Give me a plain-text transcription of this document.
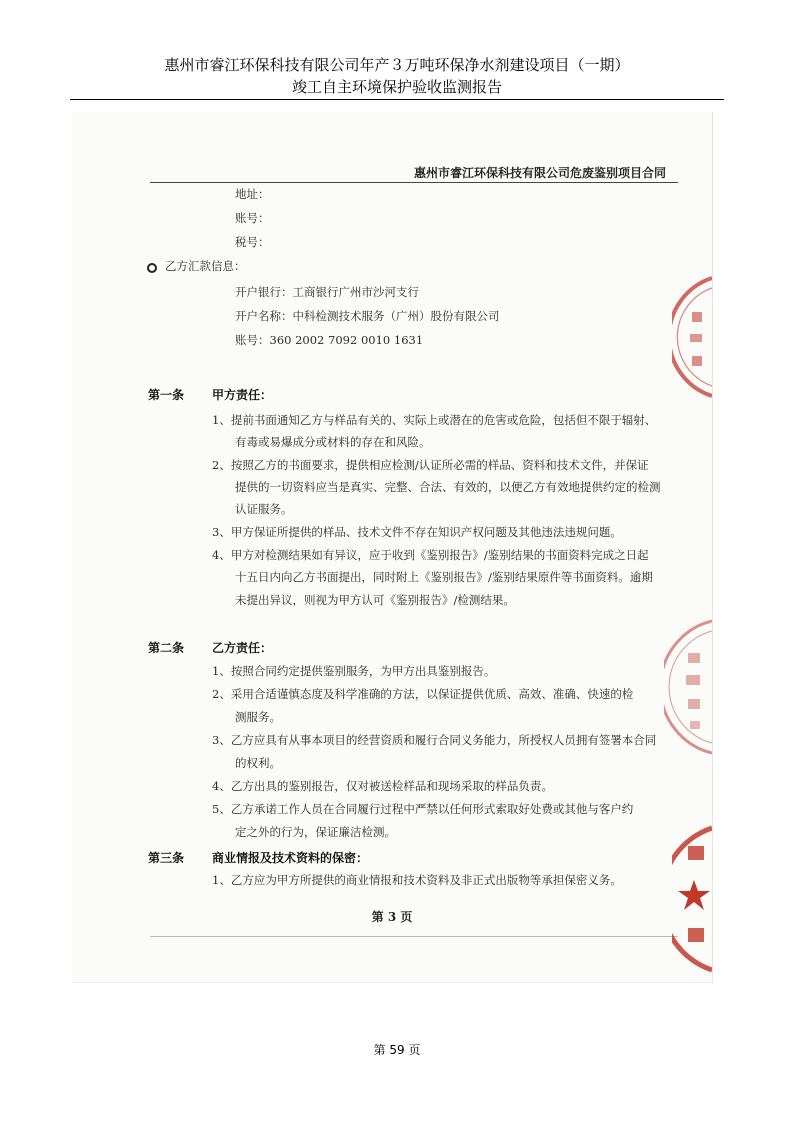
惠州市睿江环保科技有限公司年产３万吨环保净水剂建设项目（一期）
竣工自主环境保护验收监测报告
惠州市睿江环保科技有限公司危废鉴别项目合同
地址：
账号：
税号：
乙方汇款信息：
开户银行：工商银行广州市沙河支行
开户名称：中科检测技术服务（广州）股份有限公司
账号：360 2002 7092 0010 1631
第一条 甲方责任：
1、提前书面通知乙方与样品有关的、实际上或潜在的危害或危险，包括但不限于辐射、
有毒或易爆成分或材料的存在和风险。
2、按照乙方的书面要求，提供相应检测/认证所必需的样品、资料和技术文件，并保证
提供的一切资料应当是真实、完整、合法、有效的，以便乙方有效地提供约定的检测
认证服务。
3、甲方保证所提供的样品、技术文件不存在知识产权问题及其他违法违规问题。
4、甲方对检测结果如有异议，应于收到《鉴别报告》/鉴别结果的书面资料完成之日起
十五日内向乙方书面提出，同时附上《鉴别报告》/鉴别结果原件等书面资料。逾期
未提出异议，则视为甲方认可《鉴别报告》/检测结果。
第二条 乙方责任：
1、按照合同约定提供鉴别服务，为甲方出具鉴别报告。
2、采用合适谨慎态度及科学准确的方法，以保证提供优质、高效、准确、快速的检
测服务。
3、乙方应具有从事本项目的经营资质和履行合同义务能力，所授权人员拥有签署本合同
的权利。
4、乙方出具的鉴别报告，仅对被送检样品和现场采取的样品负责。
5、乙方承诺工作人员在合同履行过程中严禁以任何形式索取好处费或其他与客户约
定之外的行为，保证廉洁检测。
第三条 商业情报及技术资料的保密：
1、乙方应为甲方所提供的商业情报和技术资料及非正式出版物等承担保密义务。
第 3 页
第 59 页
